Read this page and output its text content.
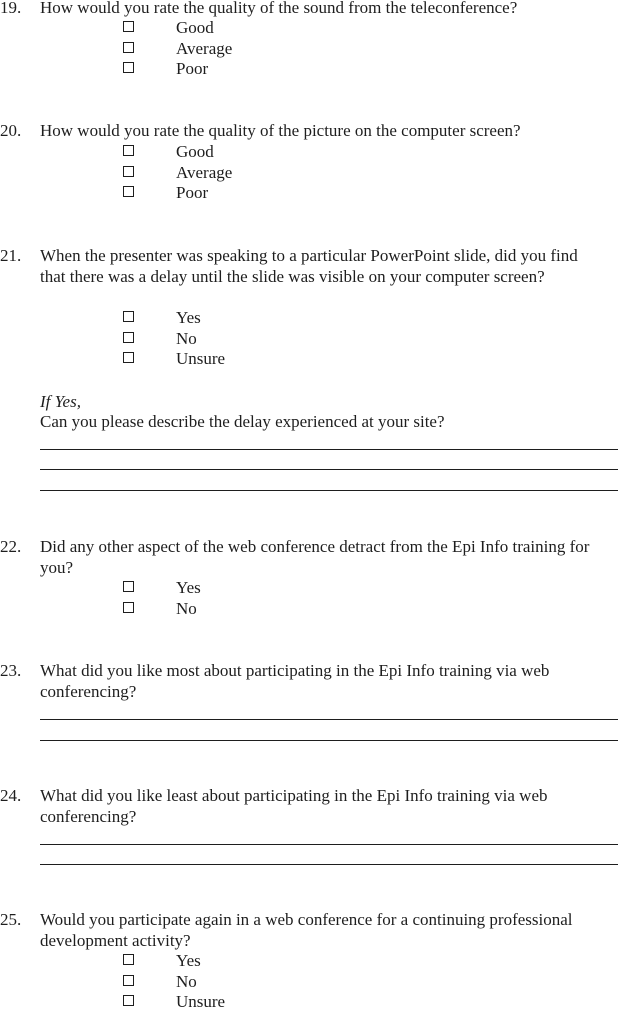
19. How would you rate the quality of the sound from the teleconference?
Good
Average
Poor
20. How would you rate the quality of the picture on the computer screen?
Good
Average
Poor
21. When the presenter was speaking to a particular PowerPoint slide, did you find
that there was a delay until the slide was visible on your computer screen?
Yes
No
Unsure
If Yes,
Can you please describe the delay experienced at your site?
22. Did any other aspect of the web conference detract from the Epi Info training for
you?
Yes
No
23. What did you like most about participating in the Epi Info training via web
conferencing?
24. What did you like least about participating in the Epi Info training via web
conferencing?
25. Would you participate again in a web conference for a continuing professional
development activity?
Yes
No
Unsure
